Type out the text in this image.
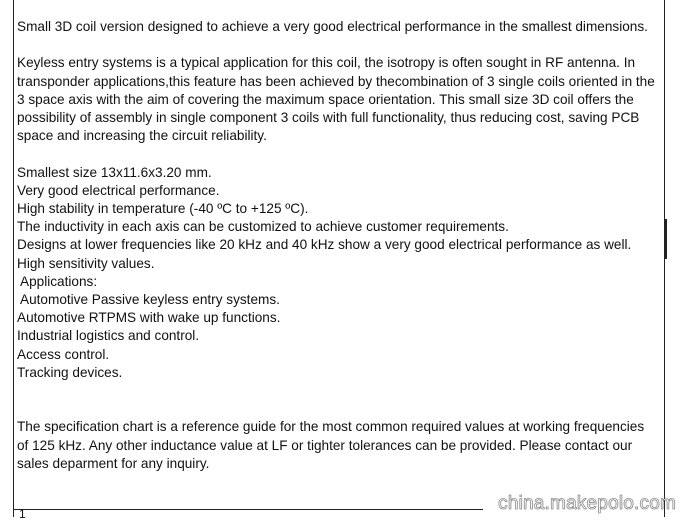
Small 3D coil version designed to achieve a very good electrical performance in the smallest dimensions.

Keyless entry systems is a typical application for this coil, the isotropy is often sought in RF antenna. In transponder applications,this feature has been achieved by thecombination of 3 single coils oriented in the 3 space axis with the aim of covering the maximum space orientation. This small size 3D coil offers the possibility of assembly in single component 3 coils with full functionality, thus reducing cost, saving PCB space and increasing the circuit reliability.

Smallest size 13x11.6x3.20 mm.
Very good electrical performance.
High stability in temperature (-40 ºC to +125 ºC).
The inductivity in each axis can be customized to achieve customer requirements.
Designs at lower frequencies like 20 kHz and 40 kHz show a very good electrical performance as well.
High sensitivity values.
Applications:
Automotive Passive keyless entry systems.
Automotive RTPMS with wake up functions.
Industrial logistics and control.
Access control.
Tracking devices.

The specification chart is a reference guide for the most common required values at working frequencies of 125 kHz. Any other inductance value at LF or tighter tolerances can be provided. Please contact our sales deparment for any inquiry.

1	china.makepolo.com
